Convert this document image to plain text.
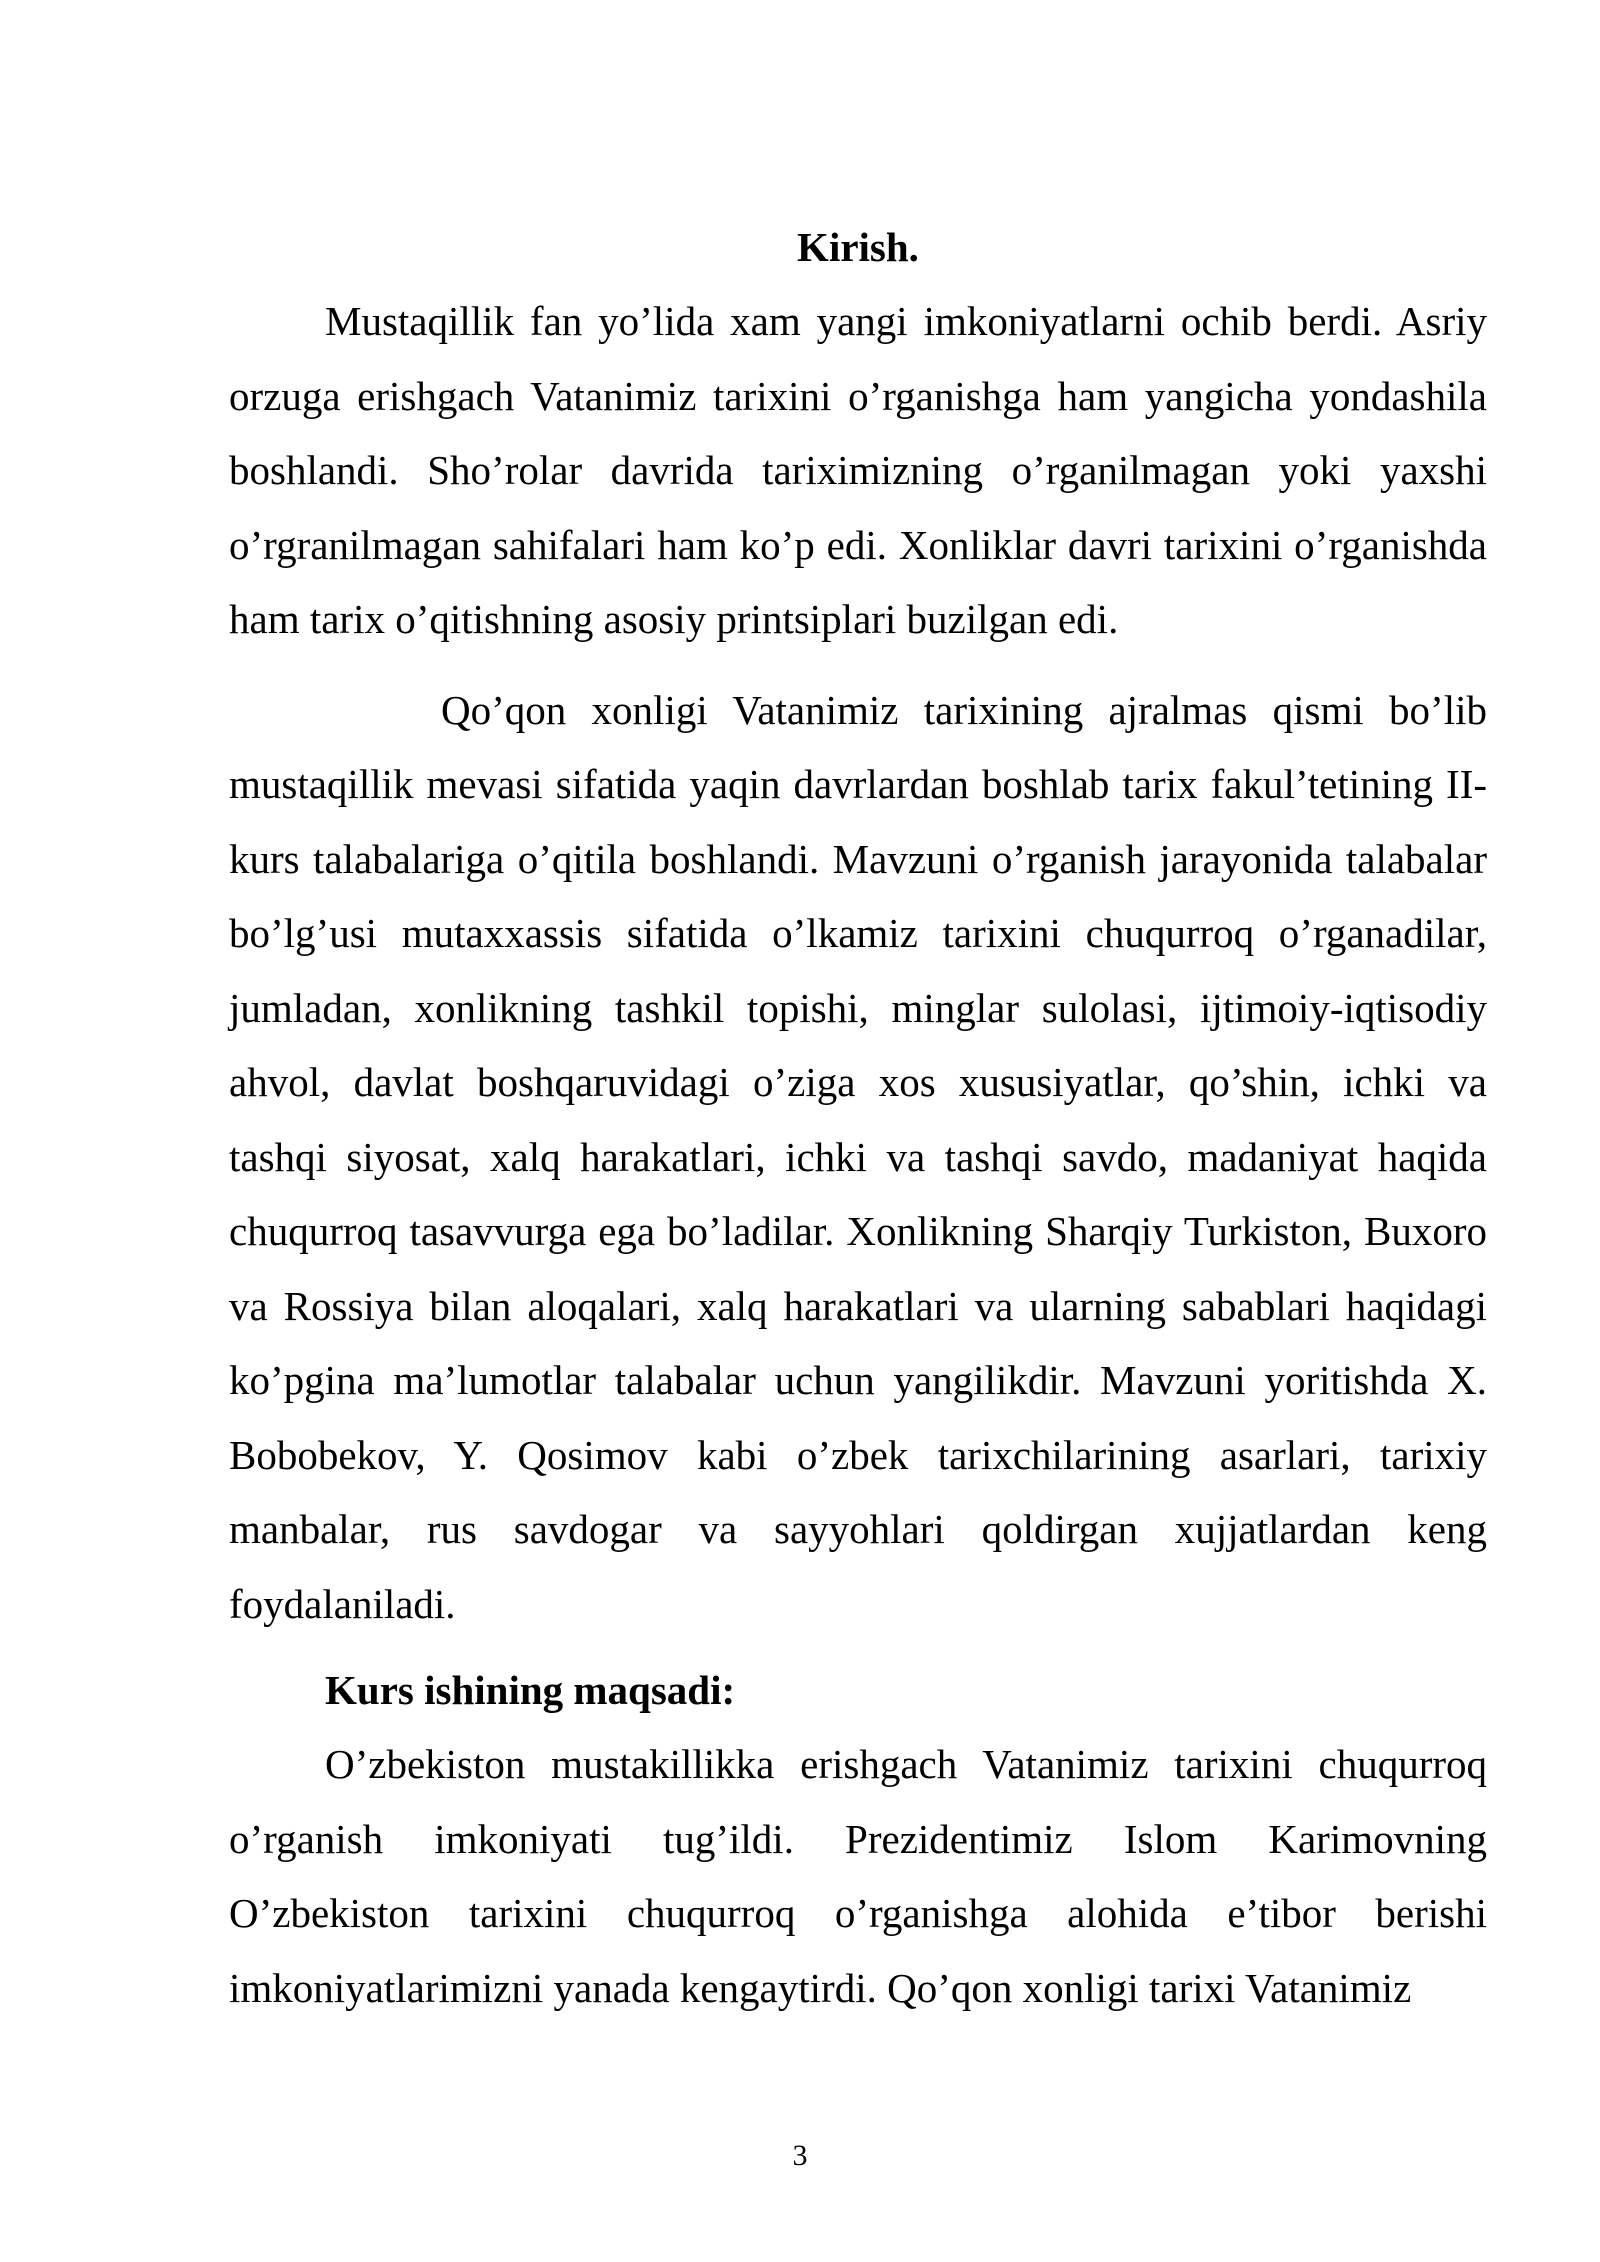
Kirish.

Mustaqillik fan yo’lida xam yangi imkoniyatlarni ochib berdi. Asriy orzuga erishgach Vatanimiz tarixini o’rganishga ham yangicha yondashila boshlandi. Sho’rolar davrida tariximizning o’rganilmagan yoki yaxshi o’rgranilmagan sahifalari ham ko’p edi. Xonliklar davri tarixini o’rganishda ham tarix o’qitishning asosiy printsiplari buzilgan edi.

Qo’qon xonligi Vatanimiz tarixining ajralmas qismi bo’lib mustaqillik mevasi sifatida yaqin davrlardan boshlab tarix fakul’tetining II-kurs talabalariga o’qitila boshlandi. Mavzuni o’rganish jarayonida talabalar bo’lg’usi mutaxxassis sifatida o’lkamiz tarixini chuqurroq o’rganadilar, jumladan, xonlikning tashkil topishi, minglar sulolasi, ijtimoiy-iqtisodiy ahvol, davlat boshqaruvidagi o’ziga xos xususiyatlar, qo’shin, ichki va tashqi siyosat, xalq harakatlari, ichki va tashqi savdo, madaniyat haqida chuqurroq tasavvurga ega bo’ladilar. Xonlikning Sharqiy Turkiston, Buxoro va Rossiya bilan aloqalari, xalq harakatlari va ularning sabablari haqidagi ko’pgina ma’lumotlar talabalar uchun yangilikdir. Mavzuni yoritishda X. Bobobekov, Y. Qosimov kabi o’zbek tarixchilarining asarlari, tarixiy manbalar, rus savdogar va sayyohlari qoldirgan xujjatlardan keng foydalaniladi.

Kurs ishining maqsadi:

O’zbekiston mustakillikka erishgach Vatanimiz tarixini chuqurroq o’rganish imkoniyati tug’ildi. Prezidentimiz Islom Karimovning O’zbekiston tarixini chuqurroq o’rganishga alohida e’tibor berishi imkoniyatlarimizni yanada kengaytirdi. Qo’qon xonligi tarixi Vatanimiz

3
